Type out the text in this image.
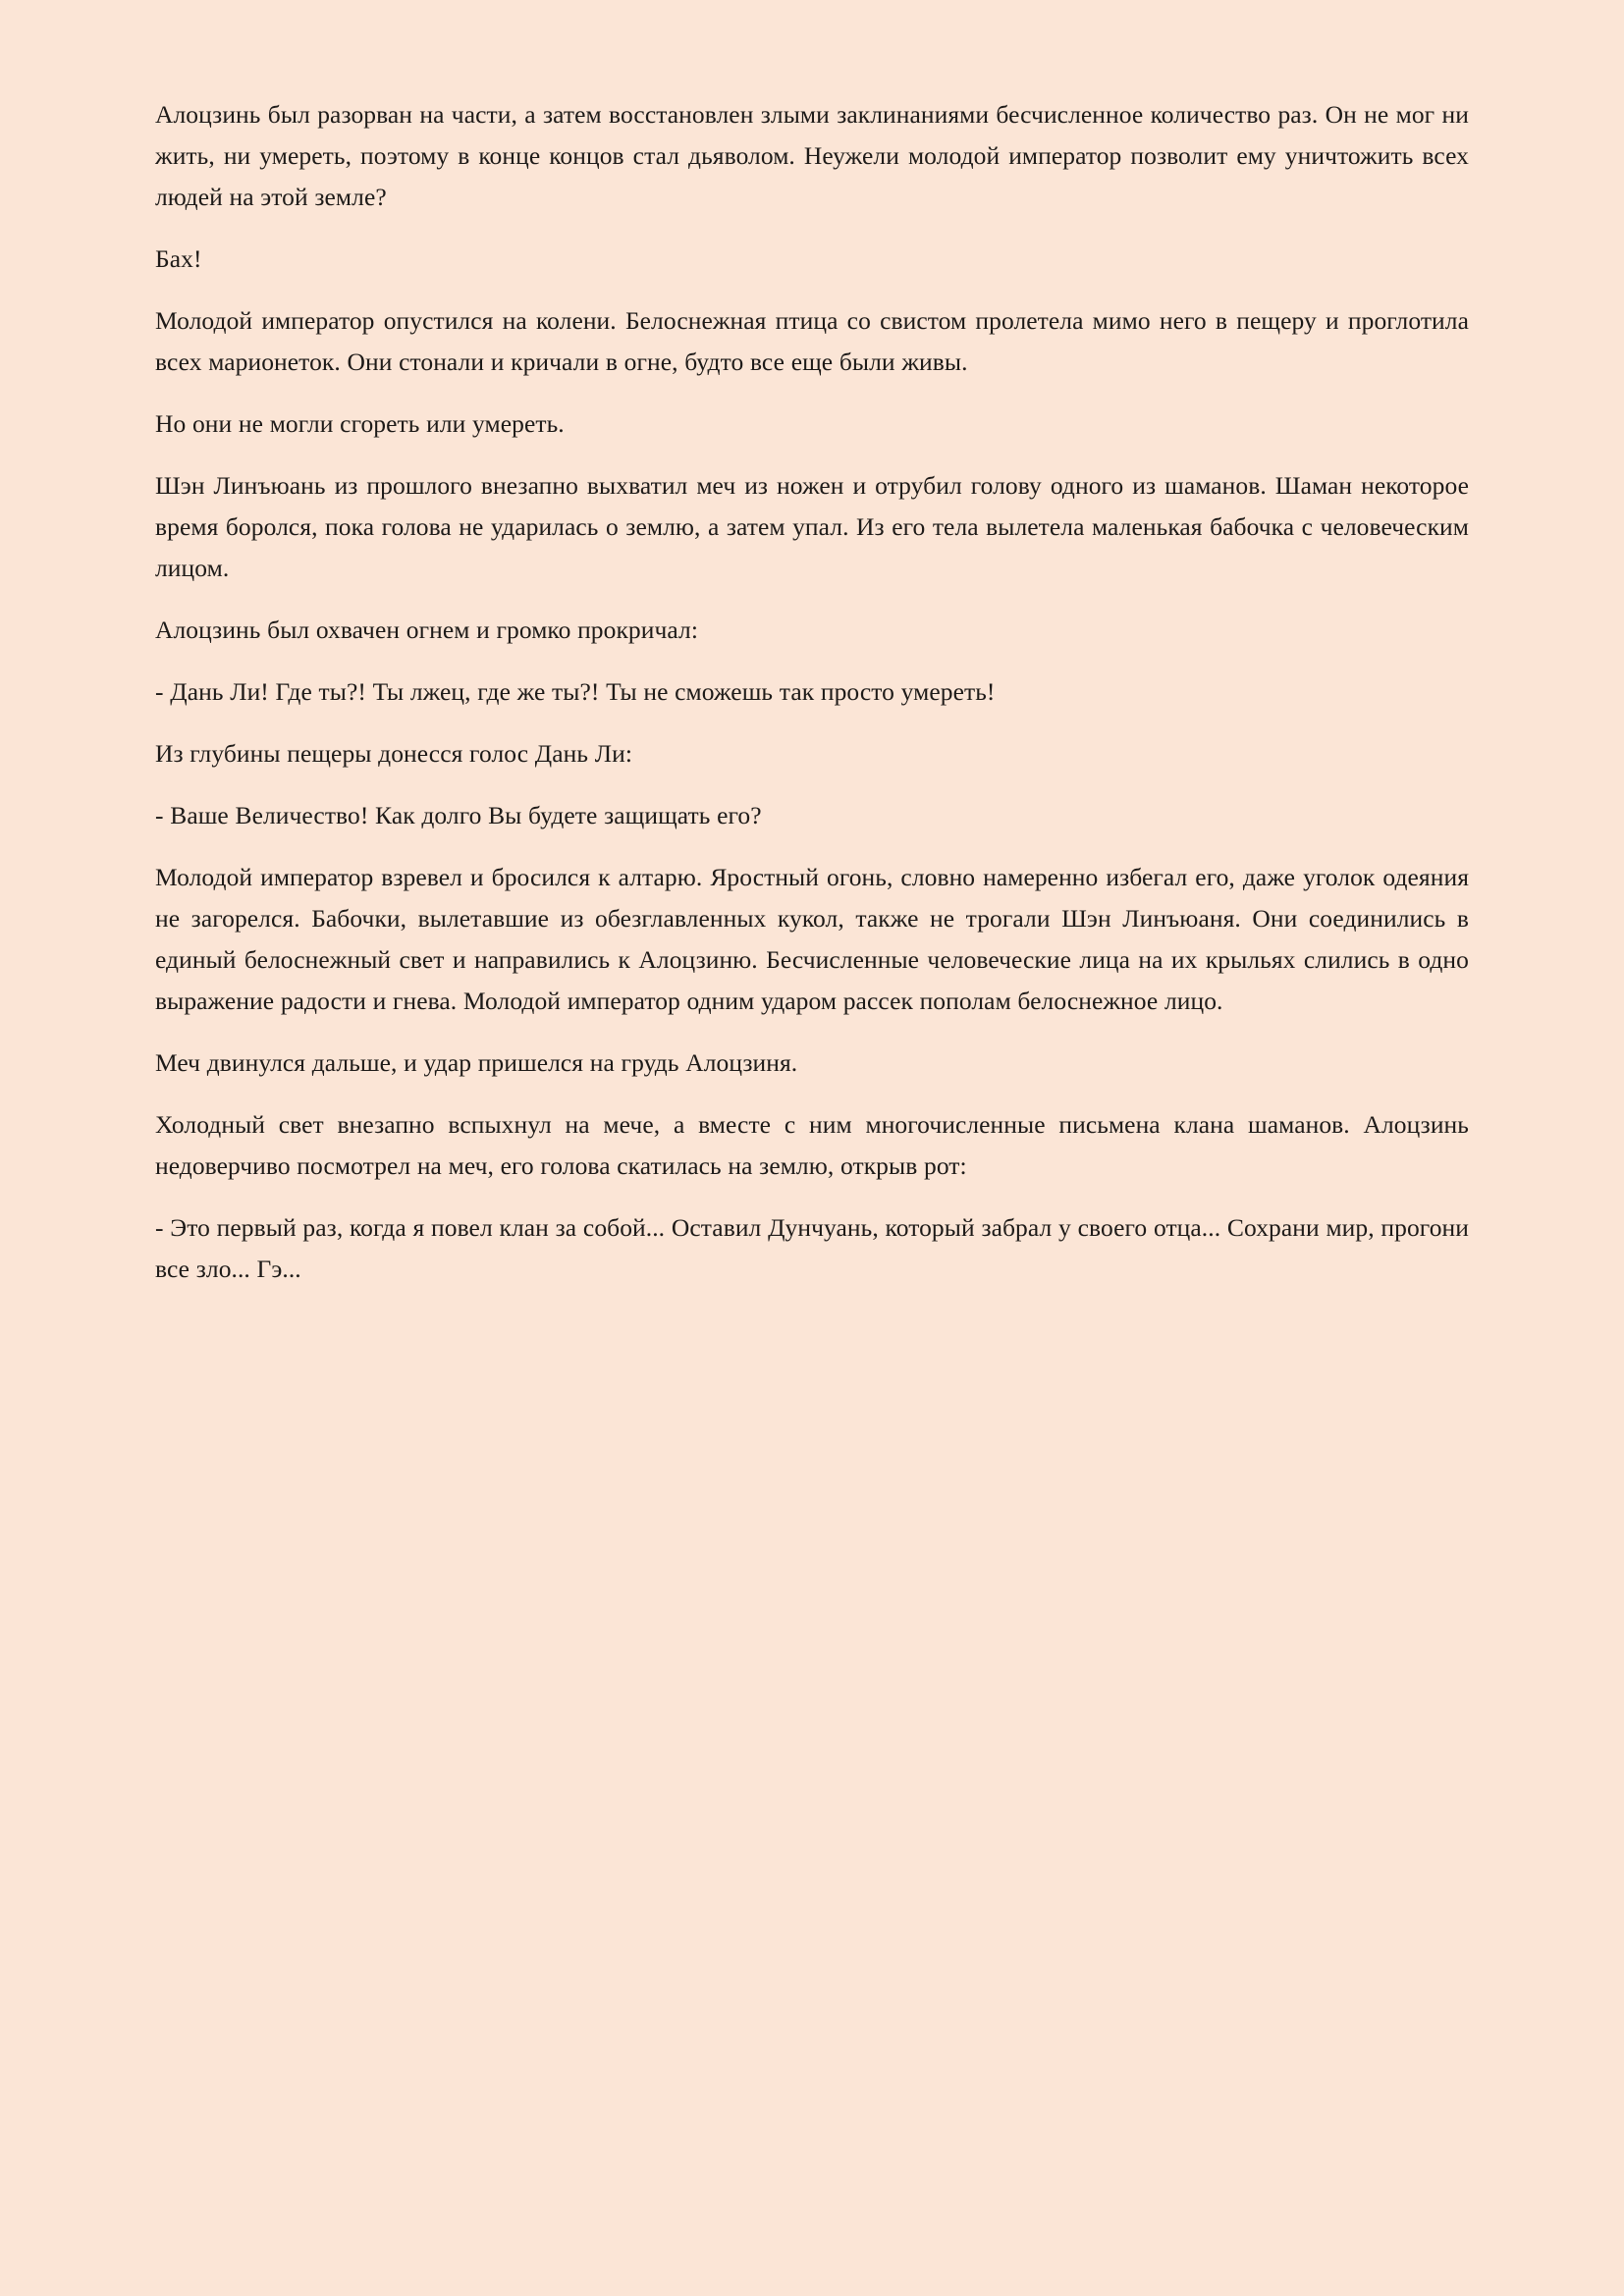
Алоцзинь был разорван на части, а затем восстановлен злыми заклинаниями бесчисленное количество раз. Он не мог ни жить, ни умереть, поэтому в конце концов стал дьяволом. Неужели молодой император позволит ему уничтожить всех людей на этой земле?

Бах!

Молодой император опустился на колени. Белоснежная птица со свистом пролетела мимо него в пещеру и проглотила всех марионеток. Они стонали и кричали в огне, будто все еще были живы.

Но они не могли сгореть или умереть.

Шэн Линъюань из прошлого внезапно выхватил меч из ножен и отрубил голову одного из шаманов. Шаман некоторое время боролся, пока голова не ударилась о землю, а затем упал. Из его тела вылетела маленькая бабочка с человеческим лицом.

Алоцзинь был охвачен огнем и громко прокричал:

- Дань Ли! Где ты?! Ты лжец, где же ты?! Ты не сможешь так просто умереть!

Из глубины пещеры донесся голос Дань Ли:

- Ваше Величество! Как долго Вы будете защищать его?

Молодой император взревел и бросился к алтарю. Яростный огонь, словно намеренно избегал его, даже уголок одеяния не загорелся. Бабочки, вылетавшие из обезглавленных кукол, также не трогали Шэн Линъюаня. Они соединились в единый белоснежный свет и направились к Алоцзиню. Бесчисленные человеческие лица на их крыльях слились в одно выражение радости и гнева. Молодой император одним ударом рассек пополам белоснежное лицо.

Меч двинулся дальше, и удар пришелся на грудь Алоцзиня.

Холодный свет внезапно вспыхнул на мече, а вместе с ним многочисленные письмена клана шаманов. Алоцзинь недоверчиво посмотрел на меч, его голова скатилась на землю, открыв рот:

- Это первый раз, когда я повел клан за собой... Оставил Дунчуань, который забрал у своего отца... Сохрани мир, прогони все зло... Гэ...
